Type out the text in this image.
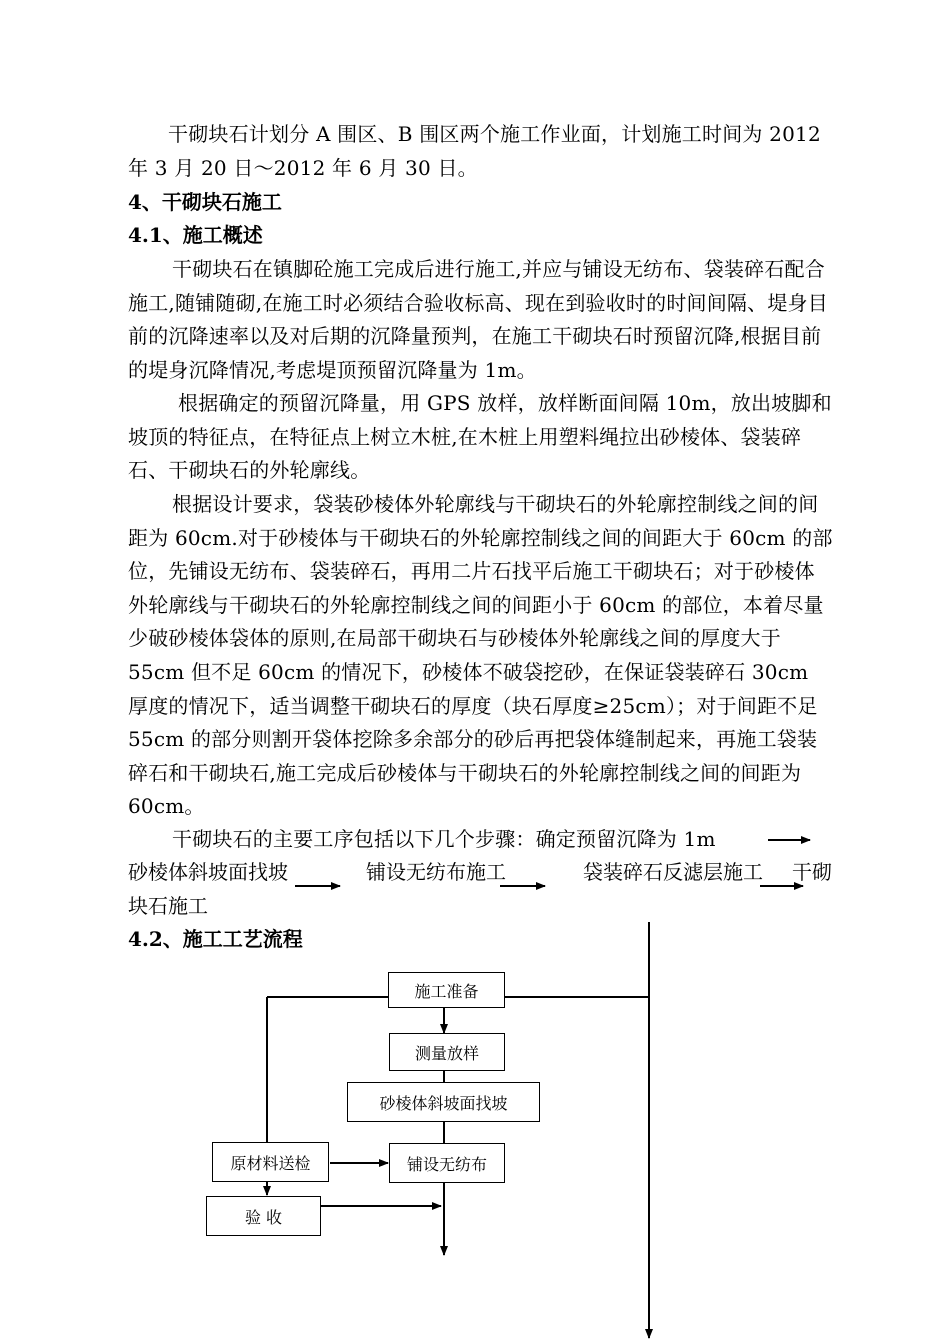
干砌块石计划分 A 围区、B 围区两个施工作业面，计划施工时间为 2012 年 3 月 20 日～2012 年 6 月 30 日。

4、干砌块石施工

4.1、施工概述

干砌块石在镇脚砼施工完成后进行施工,并应与铺设无纺布、袋装碎石配合施工,随铺随砌,在施工时必须结合验收标高、现在到验收时的时间间隔、堤身目前的沉降速率以及对后期的沉降量预判，在施工干砌块石时预留沉降,根据目前的堤身沉降情况,考虑堤顶预留沉降量为 1m。

根据确定的预留沉降量，用 GPS 放样，放样断面间隔 10m，放出坡脚和坡顶的特征点，在特征点上树立木桩,在木桩上用塑料绳拉出砂棱体、袋装碎石、干砌块石的外轮廓线。

根据设计要求，袋装砂棱体外轮廓线与干砌块石的外轮廓控制线之间的间距为 60cm.对于砂棱体与干砌块石的外轮廓控制线之间的间距大于 60cm 的部位，先铺设无纺布、袋装碎石，再用二片石找平后施工干砌块石；对于砂棱体外轮廓线与干砌块石的外轮廓控制线之间的间距小于 60cm 的部位，本着尽量少破砂棱体袋体的原则,在局部干砌块石与砂棱体外轮廓线之间的厚度大于 55cm 但不足 60cm 的情况下，砂棱体不破袋挖砂，在保证袋装碎石 30cm 厚度的情况下，适当调整干砌块石的厚度（块石厚度≥25cm）；对于间距不足 55cm 的部分则割开袋体挖除多余部分的砂后再把袋体缝制起来，再施工袋装碎石和干砌块石,施工完成后砂棱体与干砌块石的外轮廓控制线之间的间距为 60cm。

干砌块石的主要工序包括以下几个步骤：确定预留沉降为 1m

砂棱体斜坡面找坡	铺设无纺布施工	袋装碎石反滤层施工 干砌
块石施工

4.2、施工工艺流程

施工准备
测量放样
砂棱体斜坡面找坡
铺设无纺布
原材料送检
验 收
